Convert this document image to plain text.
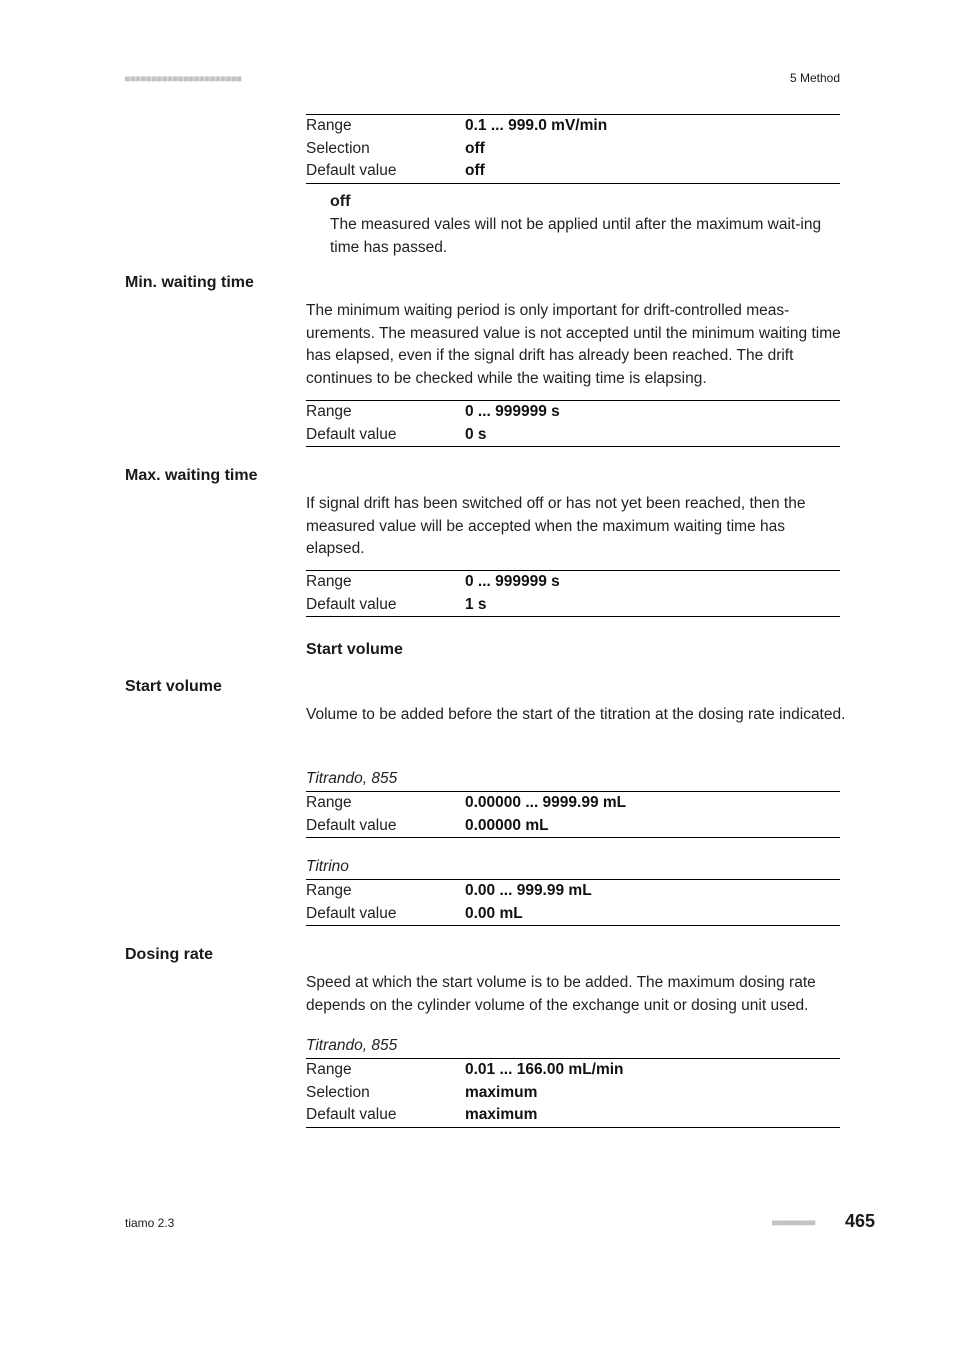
■■■■■■■■■■■■■■■■■■■■■■	5 Method
Range	0.1 ... 999.0 mV/min
Selection	off
Default value	off
off
The measured vales will not be applied until after the maximum wait-ing time has passed.
Min. waiting time
The minimum waiting period is only important for drift-controlled meas-urements. The measured value is not accepted until the minimum waiting time has elapsed, even if the signal drift has already been reached. The drift continues to be checked while the waiting time is elapsing.
Range	0 ... 999999 s
Default value	0 s
Max. waiting time
If signal drift has been switched off or has not yet been reached, then the measured value will be accepted when the maximum waiting time has elapsed.
Range	0 ... 999999 s
Default value	1 s
Start volume
Start volume
Volume to be added before the start of the titration at the dosing rate indicated.
Titrando, 855
Range	0.00000 ... 9999.99 mL
Default value	0.00000 mL
Titrino
Range	0.00 ... 999.99 mL
Default value	0.00 mL
Dosing rate
Speed at which the start volume is to be added. The maximum dosing rate depends on the cylinder volume of the exchange unit or dosing unit used.
Titrando, 855
Range	0.01 ... 166.00 mL/min
Selection	maximum
Default value	maximum
tiamo 2.3	■■■■■■■■■ 465
